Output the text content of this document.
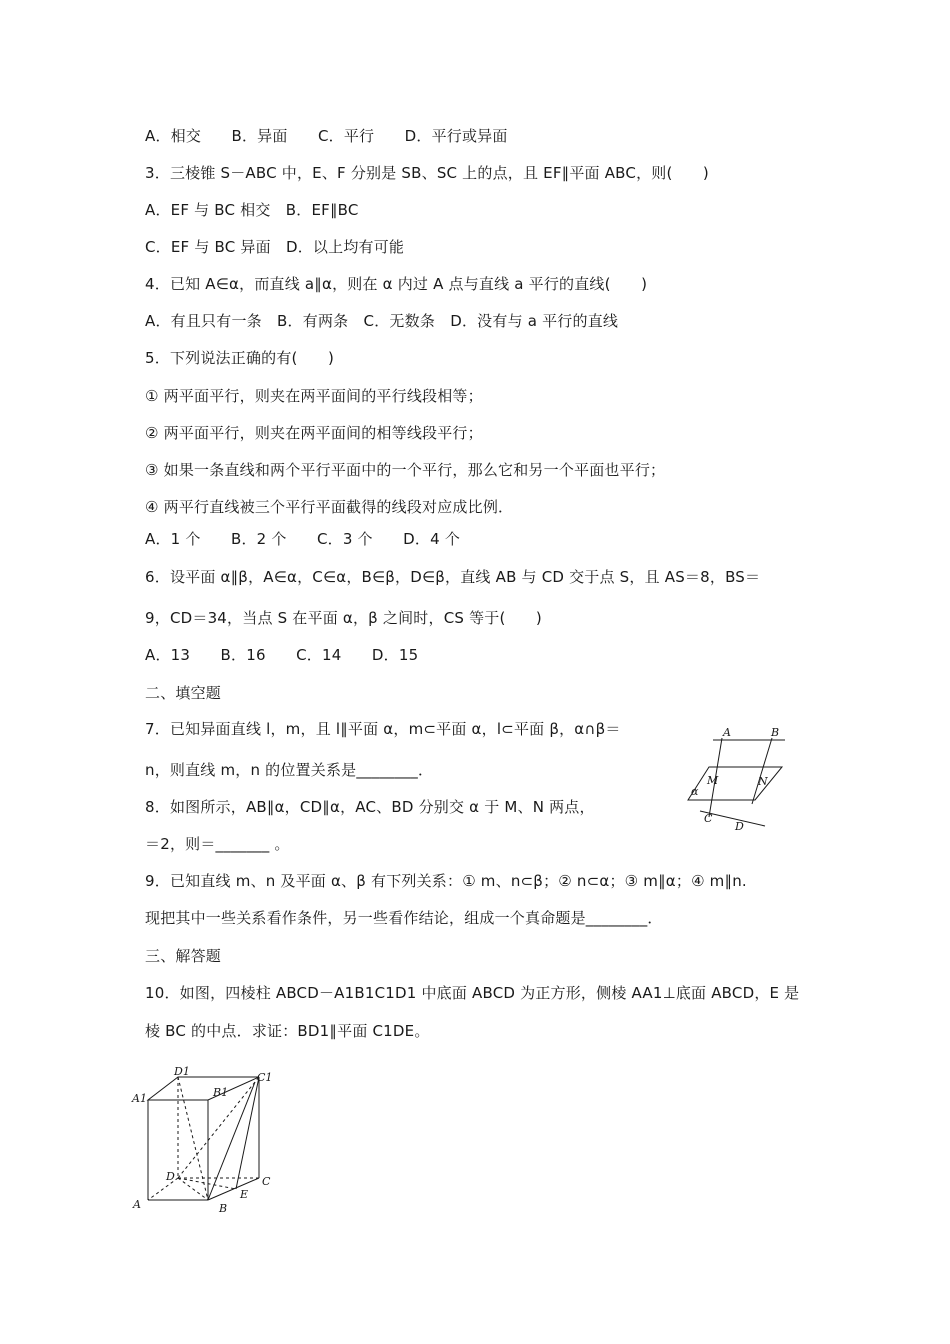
A．相交　　B．异面　　C．平行　　D．平行或异面
3．三棱锥 S－ABC 中，E、F 分别是 SB、SC 上的点，且 EF∥平面 ABC，则(　　)
A．EF 与 BC 相交　B．EF∥BC
C．EF 与 BC 异面　D．以上均有可能
4．已知 A∈α，而直线 a∥α，则在 α 内过 A 点与直线 a 平行的直线(　　)
A．有且只有一条　B．有两条　C．无数条　D．没有与 a 平行的直线
5．下列说法正确的有(　　)
① 两平面平行，则夹在两平面间的平行线段相等；
② 两平面平行，则夹在两平面间的相等线段平行；
③ 如果一条直线和两个平行平面中的一个平行，那么它和另一个平面也平行；
④ 两平行直线被三个平行平面截得的线段对应成比例．
A．1 个　　B．2 个　　C．3 个　　D．4 个
6．设平面 α∥β，A∈α，C∈α，B∈β，D∈β，直线 AB 与 CD 交于点 S，且 AS＝8，BS＝
9，CD＝34，当点 S 在平面 α，β 之间时，CS 等于(　　)
A．13　　B．16　　C．14　　D．15
二、填空题
7．已知异面直线 l，m，且 l∥平面 α，m⊂平面 α，l⊂平面 β，α∩β＝
n，则直线 m，n 的位置关系是________．
8．如图所示，AB∥α，CD∥α，AC、BD 分别交 α 于 M、N 两点，
＝2，则＝_______ 。
9．已知直线 m、n 及平面 α、β 有下列关系：① m、n⊂β；② n⊂α；③ m∥α；④ m∥n.
现把其中一些关系看作条件，另一些看作结论，组成一个真命题是________．
三、解答题
10．如图，四棱柱 ABCD－A1B1C1D1 中底面 ABCD 为正方形，侧棱 AA1⊥底面 ABCD，E 是
棱 BC 的中点．求证：BD1∥平面 C1DE。
A	B
M	N
α
C
D
D1	C1
A1	B1
D	C
A	B
E
